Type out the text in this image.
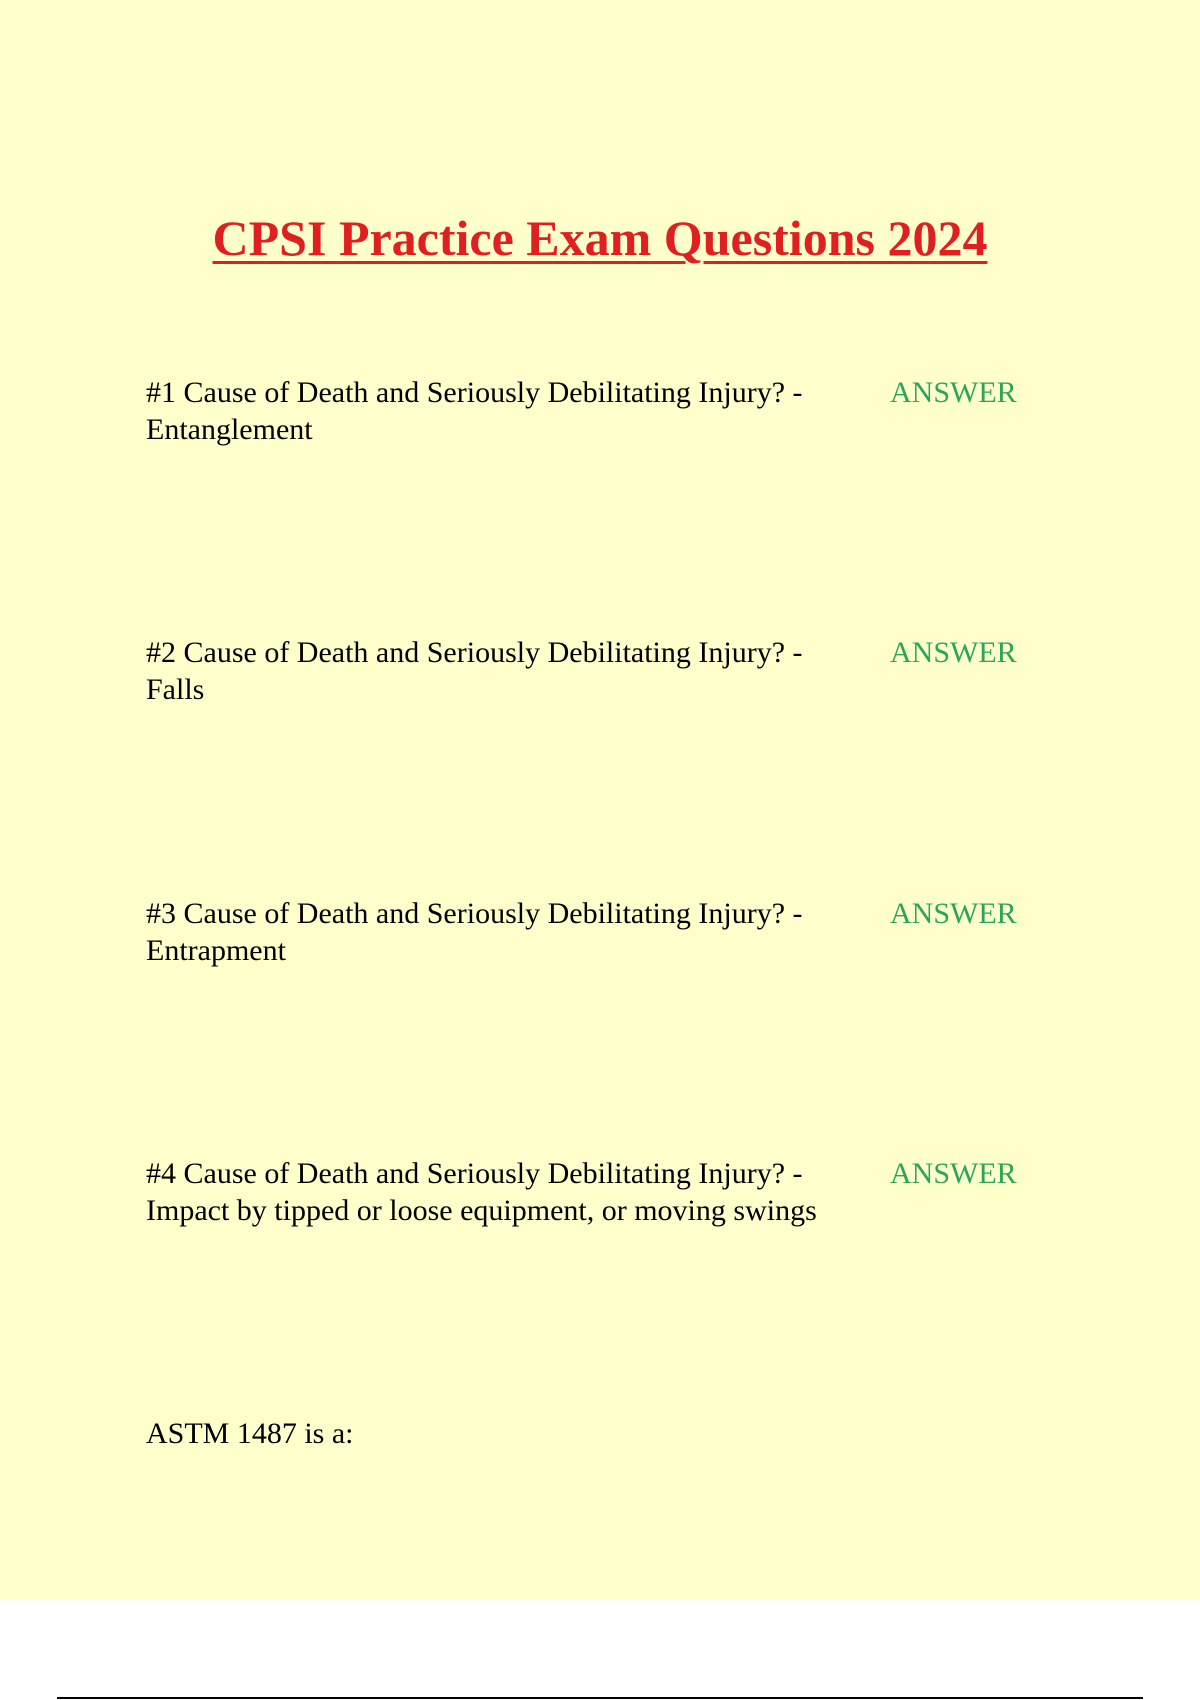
CPSI Practice Exam Questions 2024
#1 Cause of Death and Seriously Debilitating Injury? -	ANSWER
Entanglement
#2 Cause of Death and Seriously Debilitating Injury? -	ANSWER
Falls
#3 Cause of Death and Seriously Debilitating Injury? -	ANSWER
Entrapment
#4 Cause of Death and Seriously Debilitating Injury? -	ANSWER
Impact by tipped or loose equipment, or moving swings
ASTM 1487 is a:
